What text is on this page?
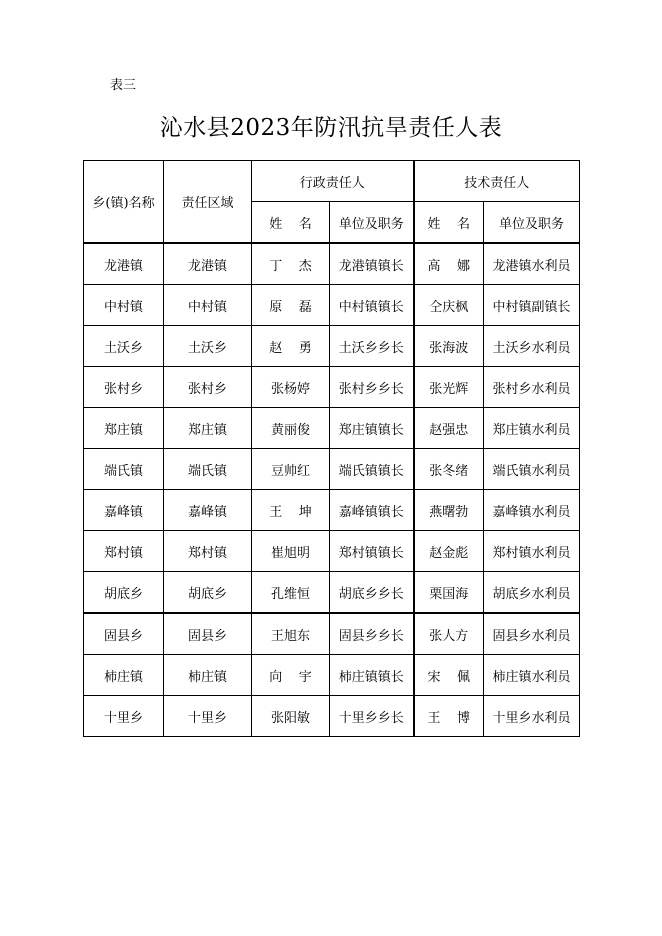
表三
沁水县2023年防汛抗旱责任人表
乡(镇)名称	责任区域	行政责任人		技术责任人	
		姓    名	单位及职务	姓    名	单位及职务
龙港镇	龙港镇	丁    杰	龙港镇镇长	高    娜	龙港镇水利员
中村镇	中村镇	原    磊	中村镇镇长	仝庆枫	中村镇副镇长
土沃乡	土沃乡	赵    勇	土沃乡乡长	张海波	土沃乡水利员
张村乡	张村乡	张杨婷	张村乡乡长	张光辉	张村乡水利员
郑庄镇	郑庄镇	黄丽俊	郑庄镇镇长	赵强忠	郑庄镇水利员
端氏镇	端氏镇	豆帅红	端氏镇镇长	张冬绪	端氏镇水利员
嘉峰镇	嘉峰镇	王    坤	嘉峰镇镇长	燕曙勃	嘉峰镇水利员
郑村镇	郑村镇	崔旭明	郑村镇镇长	赵金彪	郑村镇水利员
胡底乡	胡底乡	孔维恒	胡底乡乡长	栗国海	胡底乡水利员
固县乡	固县乡	王旭东	固县乡乡长	张人方	固县乡水利员
柿庄镇	柿庄镇	向    宇	柿庄镇镇长	宋    佩	柿庄镇水利员
十里乡	十里乡	张阳敏	十里乡乡长	王    博	十里乡水利员
